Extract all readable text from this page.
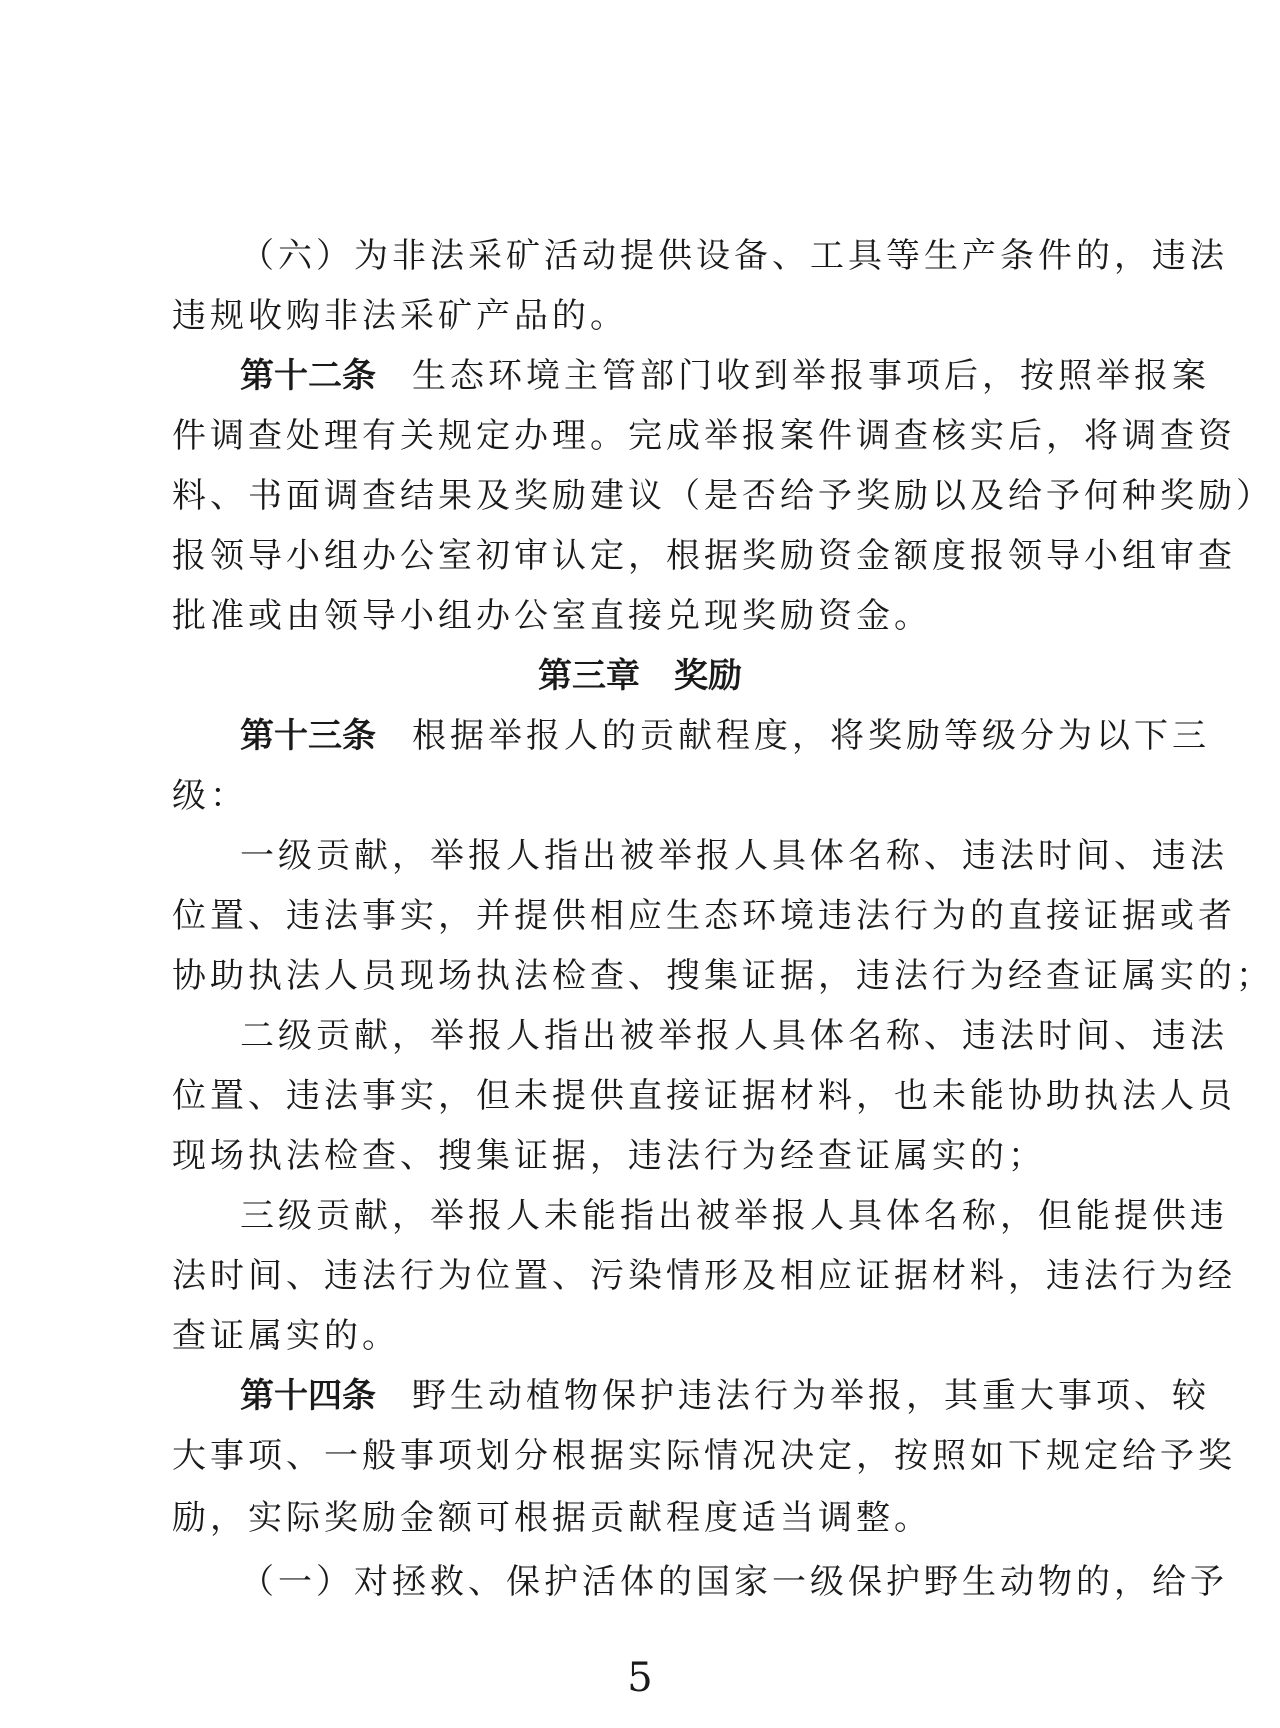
（六）为非法采矿活动提供设备、工具等生产条件的，违法
违规收购非法采矿产品的。
第十二条 生态环境主管部门收到举报事项后，按照举报案
件调查处理有关规定办理。完成举报案件调查核实后，将调查资
料、书面调查结果及奖励建议（是否给予奖励以及给予何种奖励）
报领导小组办公室初审认定，根据奖励资金额度报领导小组审查
批准或由领导小组办公室直接兑现奖励资金。
第三章　奖励
第十三条 根据举报人的贡献程度，将奖励等级分为以下三
级：
一级贡献，举报人指出被举报人具体名称、违法时间、违法
位置、违法事实，并提供相应生态环境违法行为的直接证据或者
协助执法人员现场执法检查、搜集证据，违法行为经查证属实的；
二级贡献，举报人指出被举报人具体名称、违法时间、违法
位置、违法事实，但未提供直接证据材料，也未能协助执法人员
现场执法检查、搜集证据，违法行为经查证属实的；
三级贡献，举报人未能指出被举报人具体名称，但能提供违
法时间、违法行为位置、污染情形及相应证据材料，违法行为经
查证属实的。
第十四条 野生动植物保护违法行为举报，其重大事项、较
大事项、一般事项划分根据实际情况决定，按照如下规定给予奖
励，实际奖励金额可根据贡献程度适当调整。
（一）对拯救、保护活体的国家一级保护野生动物的，给予
5
